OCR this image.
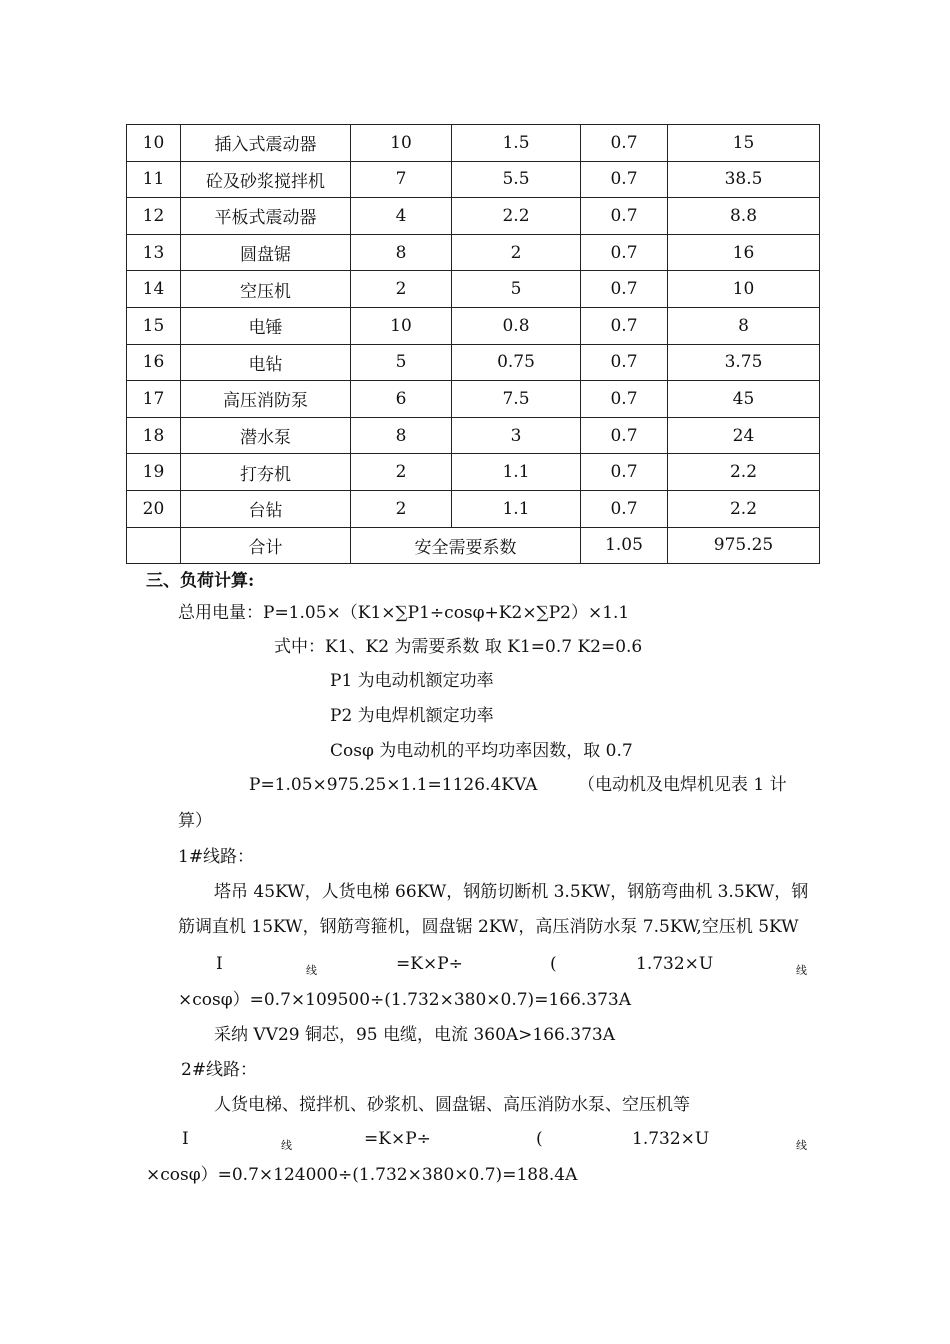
10	插入式震动器	10	1.5	0.7	15
11	砼及砂浆搅拌机	7	5.5	0.7	38.5
12	平板式震动器	4	2.2	0.7	8.8
13	圆盘锯	8	2	0.7	16
14	空压机	2	5	0.7	10
15	电锤	10	0.8	0.7	8
16	电钻	5	0.75	0.7	3.75
17	高压消防泵	6	7.5	0.7	45
18	潜水泵	8	3	0.7	24
19	打夯机	2	1.1	0.7	2.2
20	台钻	2	1.1	0.7	2.2
	合计	安全需要系数		1.05	975.25
三、负荷计算:
总用电量：P=1.05×（K1×∑P1÷cosφ+K2×∑P2）×1.1
式中：K1、K2 为需要系数 取 K1=0.7 K2=0.6
P1 为电动机额定功率
P2 为电焊机额定功率
Cosφ 为电动机的平均功率因数，取 0.7
P=1.05×975.25×1.1=1126.4KVA （电动机及电焊机见表 1 计
算）
1#线路：
塔吊 45KW，人货电梯 66KW，钢筋切断机 3.5KW，钢筋弯曲机 3.5KW，钢
筋调直机 15KW，钢筋弯箍机，圆盘锯 2KW，高压消防水泵 7.5KW,空压机 5KW
I	线	=K×P÷	(	1.732×U	线
×cosφ）=0.7×109500÷(1.732×380×0.7)=166.373A
采纳 VV29 铜芯，95 电缆，电流 360A>166.373A
2#线路：
人货电梯、搅拌机、砂浆机、圆盘锯、高压消防水泵、空压机等
I	线	=K×P÷	(	1.732×U	线
×cosφ）=0.7×124000÷(1.732×380×0.7)=188.4A
